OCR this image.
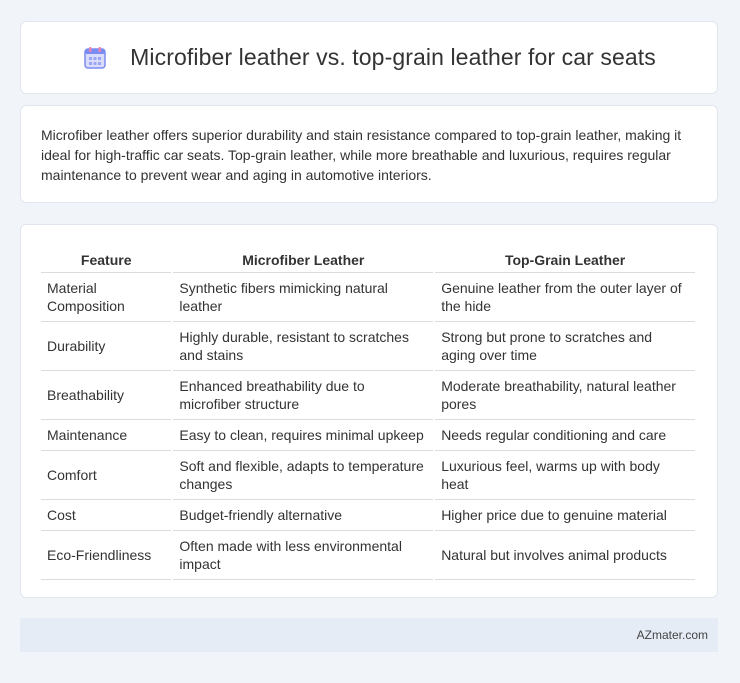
Microfiber leather vs. top-grain leather for car seats

Microfiber leather offers superior durability and stain resistance compared to top-grain leather, making it ideal for high-traffic car seats. Top-grain leather, while more breathable and luxurious, requires regular maintenance to prevent wear and aging in automotive interiors.

Feature	Microfiber Leather	Top-Grain Leather
Material Composition	Synthetic fibers mimicking natural leather	Genuine leather from the outer layer of the hide
Durability	Highly durable, resistant to scratches and stains	Strong but prone to scratches and aging over time
Breathability	Enhanced breathability due to microfiber structure	Moderate breathability, natural leather pores
Maintenance	Easy to clean, requires minimal upkeep	Needs regular conditioning and care
Comfort	Soft and flexible, adapts to temperature changes	Luxurious feel, warms up with body heat
Cost	Budget-friendly alternative	Higher price due to genuine material
Eco-Friendliness	Often made with less environmental impact	Natural but involves animal products
AZmater.com
